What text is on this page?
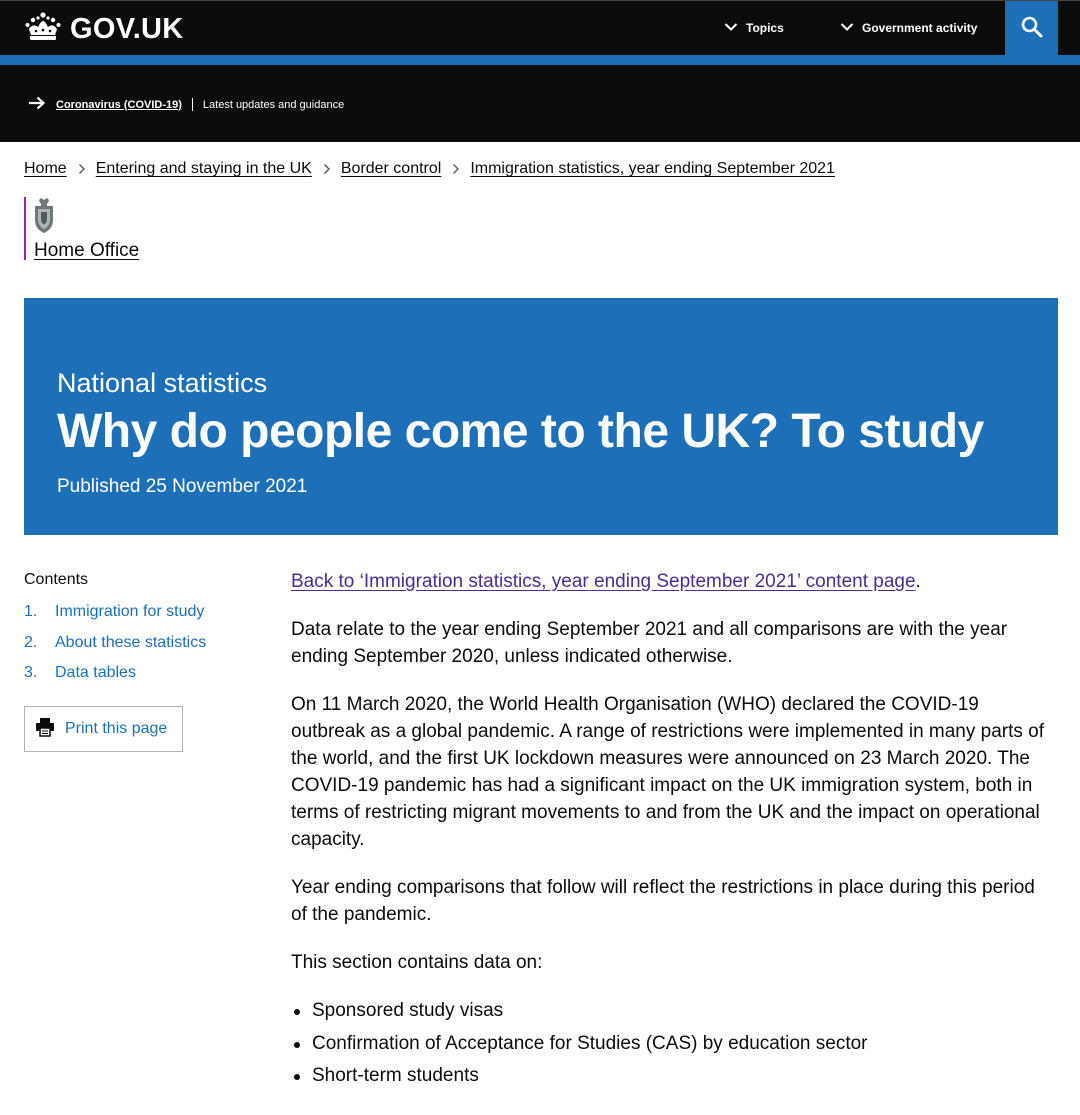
GOV.UK	Topics	Government activity
Coronavirus (COVID-19) Latest updates and guidance
Home Entering and staying in the UK Border control Immigration statistics, year ending September 2021
Home Office
National statistics
Why do people come to the UK? To study
Published 25 November 2021
Contents
1.	Immigration for study
2.	About these statistics
3.	Data tables
Print this page

Back to ‘Immigration statistics, year ending September 2021’ content page.

Data relate to the year ending September 2021 and all comparisons are with the year ending September 2020, unless indicated otherwise.

On 11 March 2020, the World Health Organisation (WHO) declared the COVID-19 outbreak as a global pandemic. A range of restrictions were implemented in many parts of the world, and the first UK lockdown measures were announced on 23 March 2020. The COVID-19 pandemic has had a significant impact on the UK immigration system, both in terms of restricting migrant movements to and from the UK and the impact on operational capacity.

Year ending comparisons that follow will reflect the restrictions in place during this period of the pandemic.

This section contains data on:

Sponsored study visas
Confirmation of Acceptance for Studies (CAS) by education sector
Short-term students
